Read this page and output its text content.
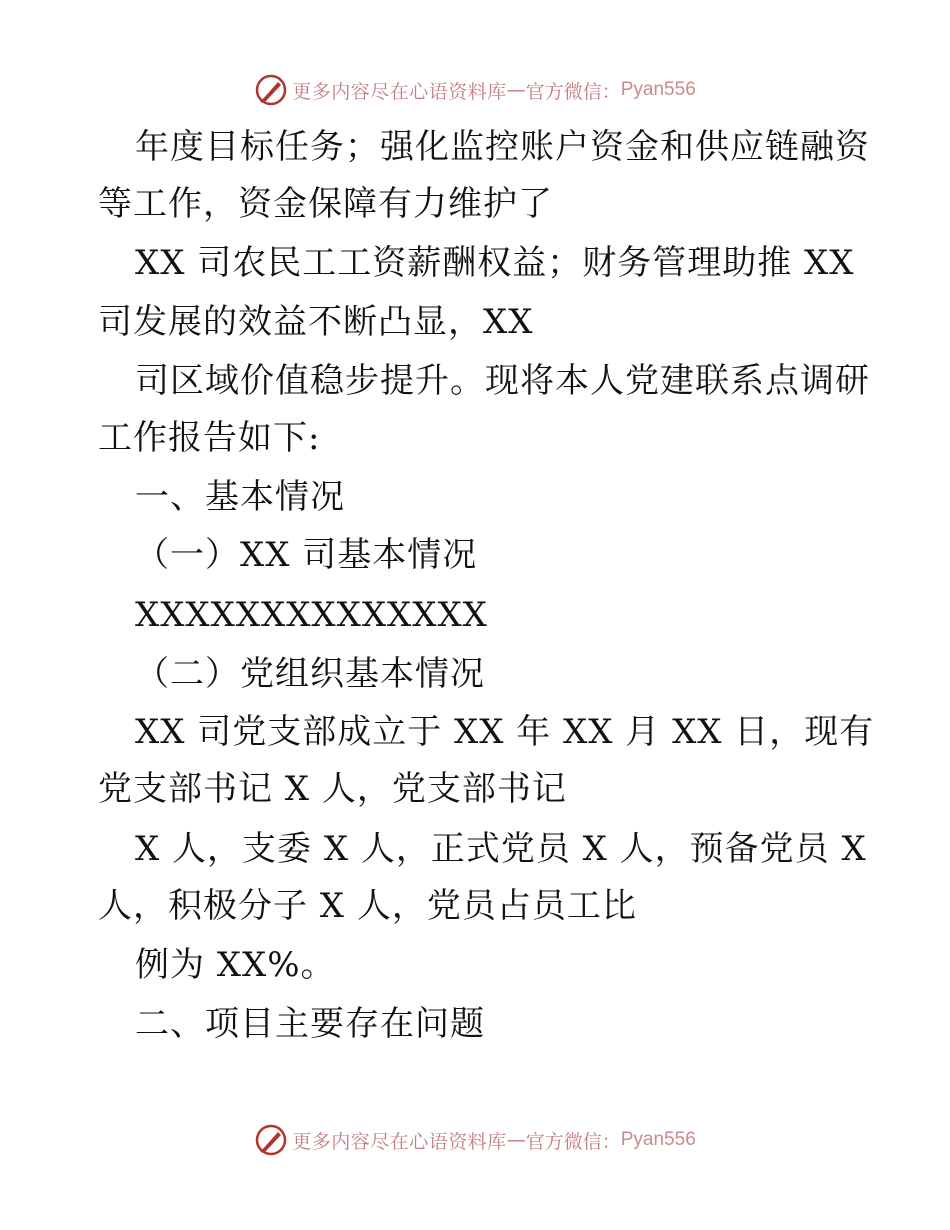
更多内容尽在心语资料库 — 官方微信： Pyan556
年度目标任务；强化监控账户资金和供应链融资
等工作，资金保障有力维护了
XX 司农民工工资薪酬权益；财务管理助推 XX
司发展的效益不断凸显，XX
司区域价值稳步提升。现将本人党建联系点调研
工作报告如下:
一、基本情况
（一）XX 司基本情况
XXXXXXXXXXXXXX
（二）党组织基本情况
XX 司党支部成立于 XX 年 XX 月 XX 日，现有
党支部书记 X 人，党支部书记
X 人，支委 X 人，正式党员 X 人，预备党员 X
人，积极分子 X 人，党员占员工比
例为 XX%。
二、项目主要存在问题
更多内容尽在心语资料库 — 官方微信： Pyan556
